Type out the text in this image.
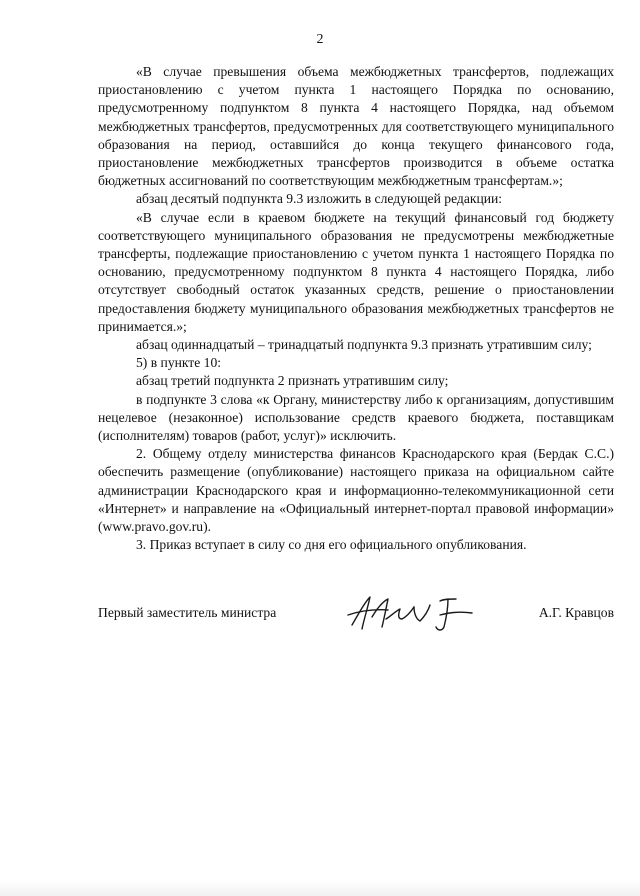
2

«В случае превышения объема межбюджетных трансфертов, подлежащих приостановлению с учетом пункта 1 настоящего Порядка по основанию, предусмотренному подпунктом 8 пункта 4 настоящего Порядка, над объемом межбюджетных трансфертов, предусмотренных для соответствующего муниципального образования на период, оставшийся до конца текущего финансового года, приостановление межбюджетных трансфертов производится в объеме остатка бюджетных ассигнований по соответствующим межбюджетным трансфертам.»;

абзац десятый подпункта 9.3 изложить в следующей редакции:

«В случае если в краевом бюджете на текущий финансовый год бюджету соответствующего муниципального образования не предусмотрены межбюджетные трансферты, подлежащие приостановлению с учетом пункта 1 настоящего Порядка по основанию, предусмотренному подпунктом 8 пункта 4 настоящего Порядка, либо отсутствует свободный остаток указанных средств, решение о приостановлении предоставления бюджету муниципального образования межбюджетных трансфертов не принимается.»;

абзац одиннадцатый – тринадцатый подпункта 9.3 признать утратившим силу;

5) в пункте 10:

абзац третий подпункта 2 признать утратившим силу;

в подпункте 3 слова «к Органу, министерству либо к организациям, допустившим нецелевое (незаконное) использование средств краевого бюджета, поставщикам (исполнителям) товаров (работ, услуг)» исключить.

2. Общему отделу министерства финансов Краснодарского края (Бердак С.С.) обеспечить размещение (опубликование) настоящего приказа на официальном сайте администрации Краснодарского края и информационно-телекоммуникационной сети «Интернет» и направление на «Официальный интернет-портал правовой информации» (www.pravo.gov.ru).

3. Приказ вступает в силу со дня его официального опубликования.

Первый заместитель министра	А.Г. Кравцов
